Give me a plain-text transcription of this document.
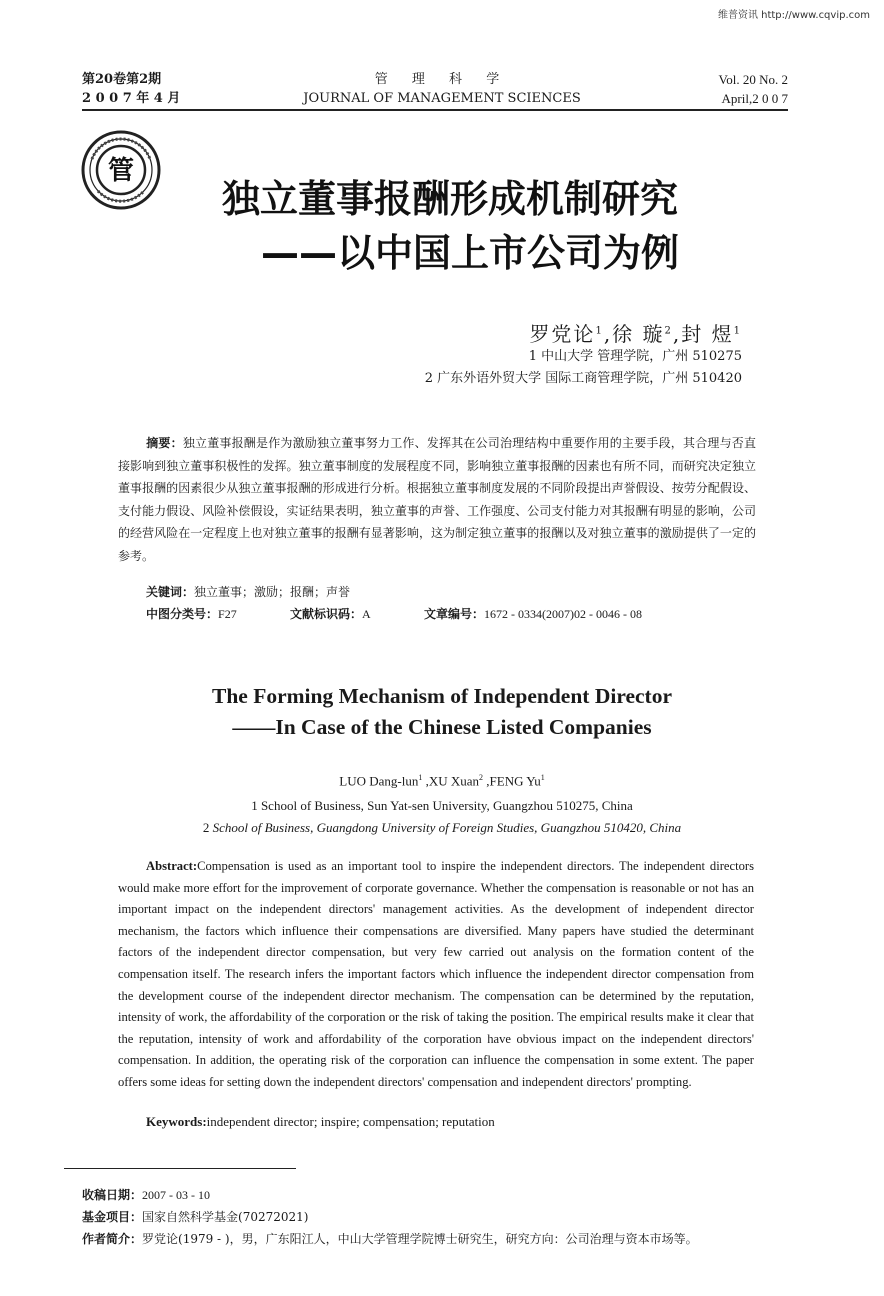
维普资讯 http://www.cqvip.com
第20卷第2期
2 0 0 7 年 4 月
管 理 科 学
JOURNAL OF MANAGEMENT SCIENCES
Vol. 20 No. 2
April,2 0 0 7
管
独立董事报酬形成机制研究
——以中国上市公司为例
罗党论$^1$,徐 璇$^2$,封 煜$^1$
1 中山大学 管理学院，广州 510275
2 广东外语外贸大学 国际工商管理学院，广州 510420
摘要：独立董事报酬是作为激励独立董事努力工作、发挥其在公司治理结构中重要作用的主要手段，其合理与否直接影响到独立董事积极性的发挥。独立董事制度的发展程度不同，影响独立董事报酬的因素也有所不同，而研究决定独立董事报酬的因素很少从独立董事报酬的形成进行分析。根据独立董事制度发展的不同阶段提出声誉假设、按劳分配假设、支付能力假设、风险补偿假设，实证结果表明，独立董事的声誉、工作强度、公司支付能力对其报酬有明显的影响，公司的经营风险在一定程度上也对独立董事的报酬有显著影响，这为制定独立董事的报酬以及对独立董事的激励提供了一定的参考。
关键词：独立董事；激励；报酬；声誉
中图分类号：F27	文献标识码：A	文章编号：1672 - 0334(2007)02 - 0046 - 08
The Forming Mechanism of Independent Director
——In Case of the Chinese Listed Companies
LUO Dang-lun$^1$ ,XU Xuan$^2$ ,FENG Yu$^1$
1 School of Business, Sun Yat-sen University, Guangzhou 510275, China
2 School of Business, Guangdong University of Foreign Studies, Guangzhou 510420, China
Abstract:Compensation is used as an important tool to inspire the independent directors. The independent directors would make more effort for the improvement of corporate governance. Whether the compensation is reasonable or not has an important impact on the independent directors' management activities. As the development of independent director mechanism, the factors which influence their compensations are diversified. Many papers have studied the determinant factors of the independent director compensation, but very few carried out analysis on the formation content of the compensation itself. The research infers the important factors which influence the independent director compensation from the development course of the independent director mechanism. The compensation can be determined by the reputation, intensity of work, the affordability of the corporation or the risk of taking the position. The empirical results make it clear that the reputation, intensity of work and affordability of the corporation have obvious impact on the independent directors' compensation. In addition, the operating risk of the corporation can influence the compensation in some extent. The paper offers some ideas for setting down the independent directors' compensation and independent directors' prompting.
Keywords:independent director; inspire; compensation; reputation
收稿日期：2007 - 03 - 10
基金项目：国家自然科学基金(70272021)
作者简介：罗党论(1979 - )，男，广东阳江人，中山大学管理学院博士研究生，研究方向：公司治理与资本市场等。
